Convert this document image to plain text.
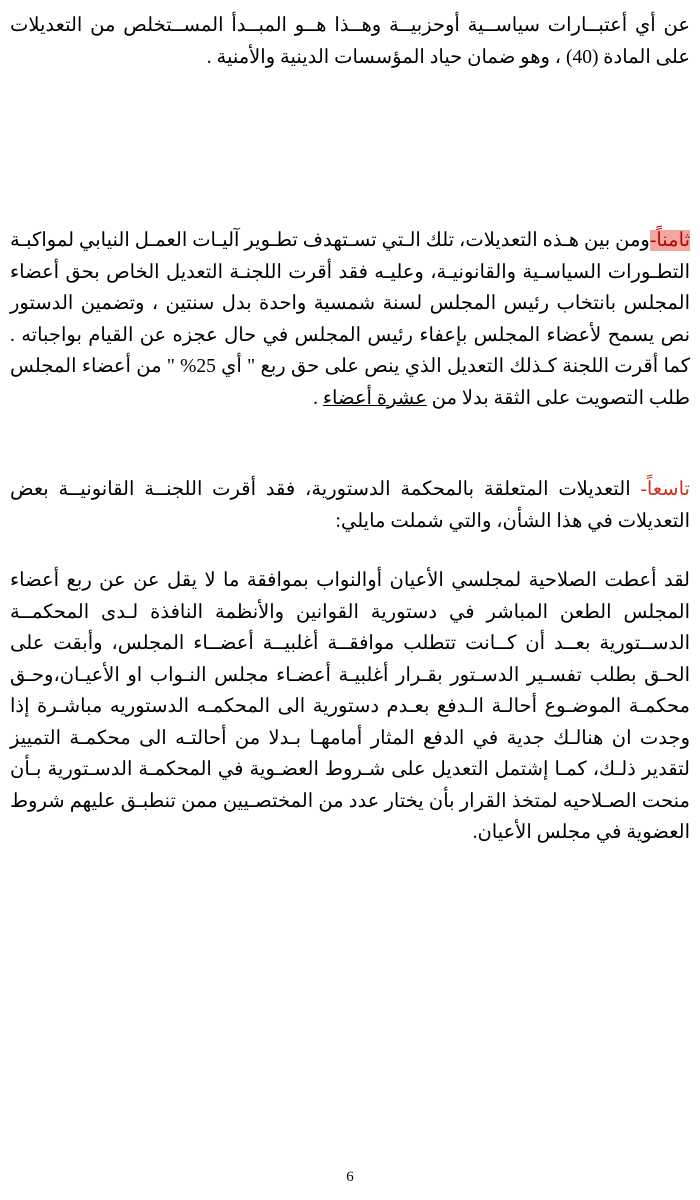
عن أي أعتبــارات سياســية أوحزبيــة وهــذا هــو المبــدأ المســتخلص من التعديلات على المادة (40) ، وهو ضمان حياد المؤسسات الدينية والأمنية .

ثامناً-ومن بين هـذه التعديلات، تلك الـتي تسـتهدف تطـوير آليـات العمـل النيابي لمواكبـة التطـورات السياسـية والقانونيـة، وعليـه فقد أقرت اللجنـة التعديل الخاص بحق أعضاء المجلس بانتخاب رئيس المجلس لسنة شمسية واحدة بدل سنتين ، وتضمين الدستور نص يسمح لأعضاء المجلس بإعفاء رئيس المجلس في حال عجزه عن القيام بواجباته . كما أقرت اللجنة كـذلك التعديل الذي ينص على حق ربع " أي 25% " من أعضاء المجلس طلب التصويت على الثقة بدلا من عشرة أعضاء .

تاسعاً- التعديلات المتعلقة بالمحكمة الدستورية، فقد أقرت اللجنــة القانونيــة بعض التعديلات في هذا الشأن، والتي شملت مايلي:

لقد أعطت الصلاحية لمجلسي الأعيان أوالنواب بموافقة ما لا يقل عن عن ربع أعضاء المجلس الطعن المباشر في دستورية القوانين والأنظمة النافذة لـدى المحكمــة الدســتورية بعــد أن كــانت تتطلب موافقــة أغلبيــة أعضــاء المجلس، وأبقت على الحـق بطلب تفسـير الدسـتور بقـرار أغلبيـة أعضـاء مجلس النـواب او الأعيـان،وحـق محكمـة الموضـوع أحالـة الـدفع بعـدم دستورية الى المحكمـه الدستوريه مباشـرة إذا وجدت ان هنالـك جدية في الدفع المثار أمامهـا بـدلا من أحالتـه الى محكمـة التمييز لتقدير ذلـك، كمـا إشتمل التعديل على شـروط العضـوية في المحكمـة الدسـتورية بـأن منحت الصـلاحيه لمتخذ القرار بأن يختار عدد من المختصـيين ممن تنطبـق عليهم شروط العضوية في مجلس الأعيان.

6
